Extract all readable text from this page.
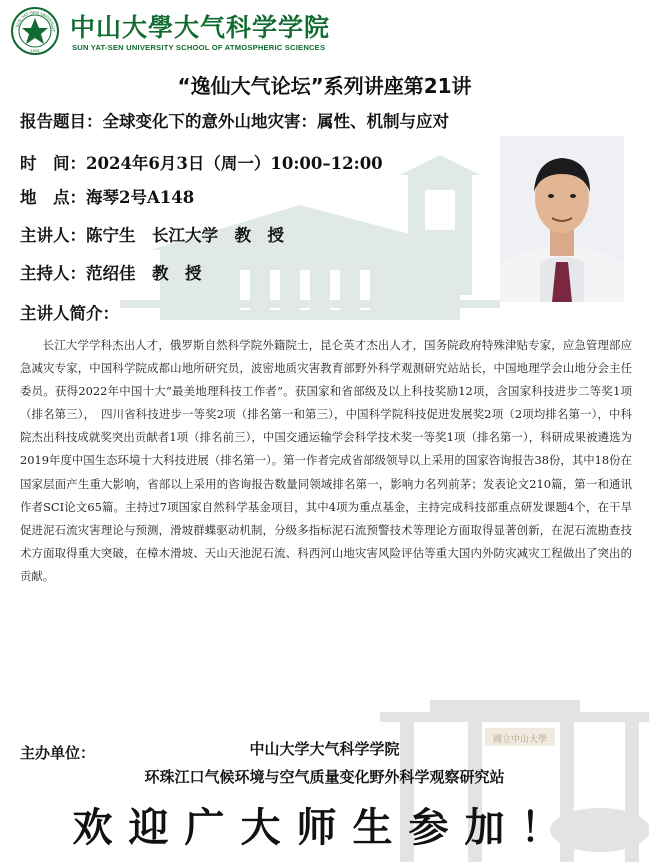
國立中山大學
SUN YAT-SEN UNIVERSIT
1924
中山大學大气科学学院
SUN YAT-SEN UNIVERSITY SCHOOL OF ATMOSPHERIC SCIENCES
“逸仙大气论坛”系列讲座第21讲
报告题目：全球变化下的意外山地灾害：属性、机制与应对
时　间：2024年6月3日（周一）10:00–12:00
地　点：海琴2号A148
主讲人：陈宁生　长江大学　教　授
主持人：范绍佳　教　授
主讲人简介：
长江大学学科杰出人才，俄罗斯自然科学院外籍院士，昆仑英才杰出人才，国务院政府特殊津贴专家，应急管理部应急减灾专家，中国科学院成都山地所研究员，波密地质灾害教育部野外科学观测研究站站长，中国地理学会山地分会主任委员。获得2022年中国十大“最美地理科技工作者”。获国家和省部级及以上科技奖励12项，含国家科技进步二等奖1项（排名第三），　四川省科技进步一等奖2项（排名第一和第三），中国科学院科技促进发展奖2项（2项均排名第一），中科院杰出科技成就奖突出贡献者1项（排名前三），中国交通运输学会科学技术奖一等奖1项（排名第一），科研成果被遴选为　2019年度中国生态环境十大科技进展（排名第一）。第一作者完成省部级领导以上采用的国家咨询报告38份，其中18份在国家层面产生重大影响，省部以上采用的咨询报告数量同领域排名第一，影响力名列前茅；发表论文210篇，第一和通讯作者SCI论文65篇。主持过7项国家自然科学基金项目，其中4项为重点基金，主持完成科技部重点研发课题4个，在干旱促进泥石流灾害理论与预测，滑坡群蝶驱动机制，分级多指标泥石流预警技术等理论方面取得显著创新，在泥石流勘查技术方面取得重大突破，在樟木滑坡、天山天池泥石流、科西河山地灾害风险评估等重大国内外防灾减灾工程做出了突出的贡献。
主办单位：	中山大学大气科学学院
环珠江口气候环境与空气质量变化野外科学观察研究站
欢迎广大师生参加！
